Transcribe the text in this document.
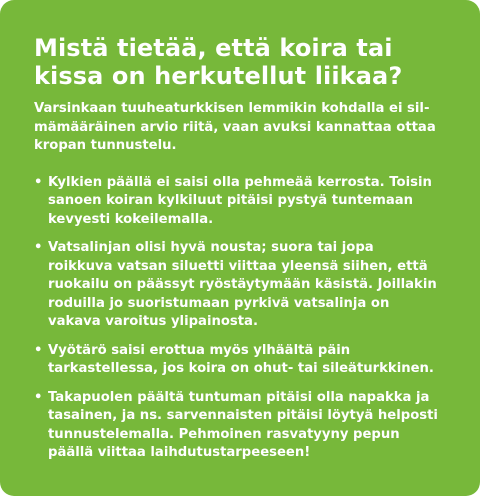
Mistä tietää, että koira tai
kissa on herkutellut liikaa?

Varsinkaan tuuheaturkkisen lemmikin kohdalla ei sil-
mämääräinen arvio riitä, vaan avuksi kannattaa ottaa
kropan tunnustelu.

• Kylkien päällä ei saisi olla pehmeää kerrosta. Toisin
sanoen koiran kylkiluut pitäisi pystyä tuntemaan
kevyesti kokeilemalla.
• Vatsalinjan olisi hyvä nousta; suora tai jopa
roikkuva vatsan siluetti viittaa yleensä siihen, että
ruokailu on päässyt ryöstäytymään käsistä. Joillakin
roduilla jo suoristumaan pyrkivä vatsalinja on
vakava varoitus ylipainosta.
• Vyötärö saisi erottua myös ylhäältä päin
tarkastellessa, jos koira on ohut- tai sileäturkkinen.
• Takapuolen päältä tuntuman pitäisi olla napakka ja
tasainen, ja ns. sarvennaisten pitäisi löytyä helposti
tunnustelemalla. Pehmoinen rasvatyyny pepun
päällä viittaa laihdutustarpeeseen!
